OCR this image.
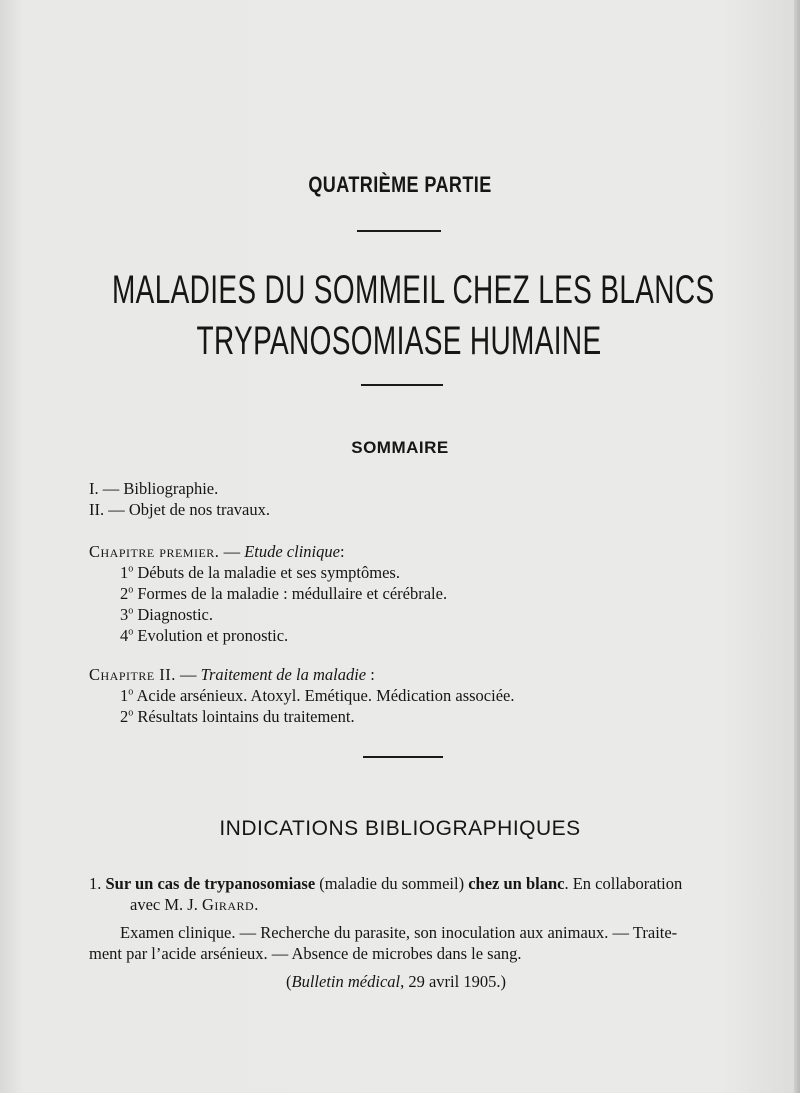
QUATRIÈME PARTIE
MALADIES DU SOMMEIL CHEZ LES BLANCS
TRYPANOSOMIASE HUMAINE
SOMMAIRE
I. — Bibliographie.
II. — Objet de nos travaux.
Chapitre premier. — Etude clinique:
1$^o$ Débuts de la maladie et ses symptômes.
2$^o$ Formes de la maladie : médullaire et cérébrale.
3$^o$ Diagnostic.
4$^o$ Evolution et pronostic.
Chapitre II. — Traitement de la maladie :
1$^o$ Acide arsénieux. Atoxyl. Emétique. Médication associée.
2$^o$ Résultats lointains du traitement.
INDICATIONS BIBLIOGRAPHIQUES
1. Sur un cas de trypanosomiase (maladie du sommeil) chez un blanc. En collaboration
avec M. J. Girard.
Examen clinique. — Recherche du parasite, son inoculation aux animaux. — Traite-
ment par l’acide arsénieux. — Absence de microbes dans le sang.
(Bulletin médical, 29 avril 1905.)
